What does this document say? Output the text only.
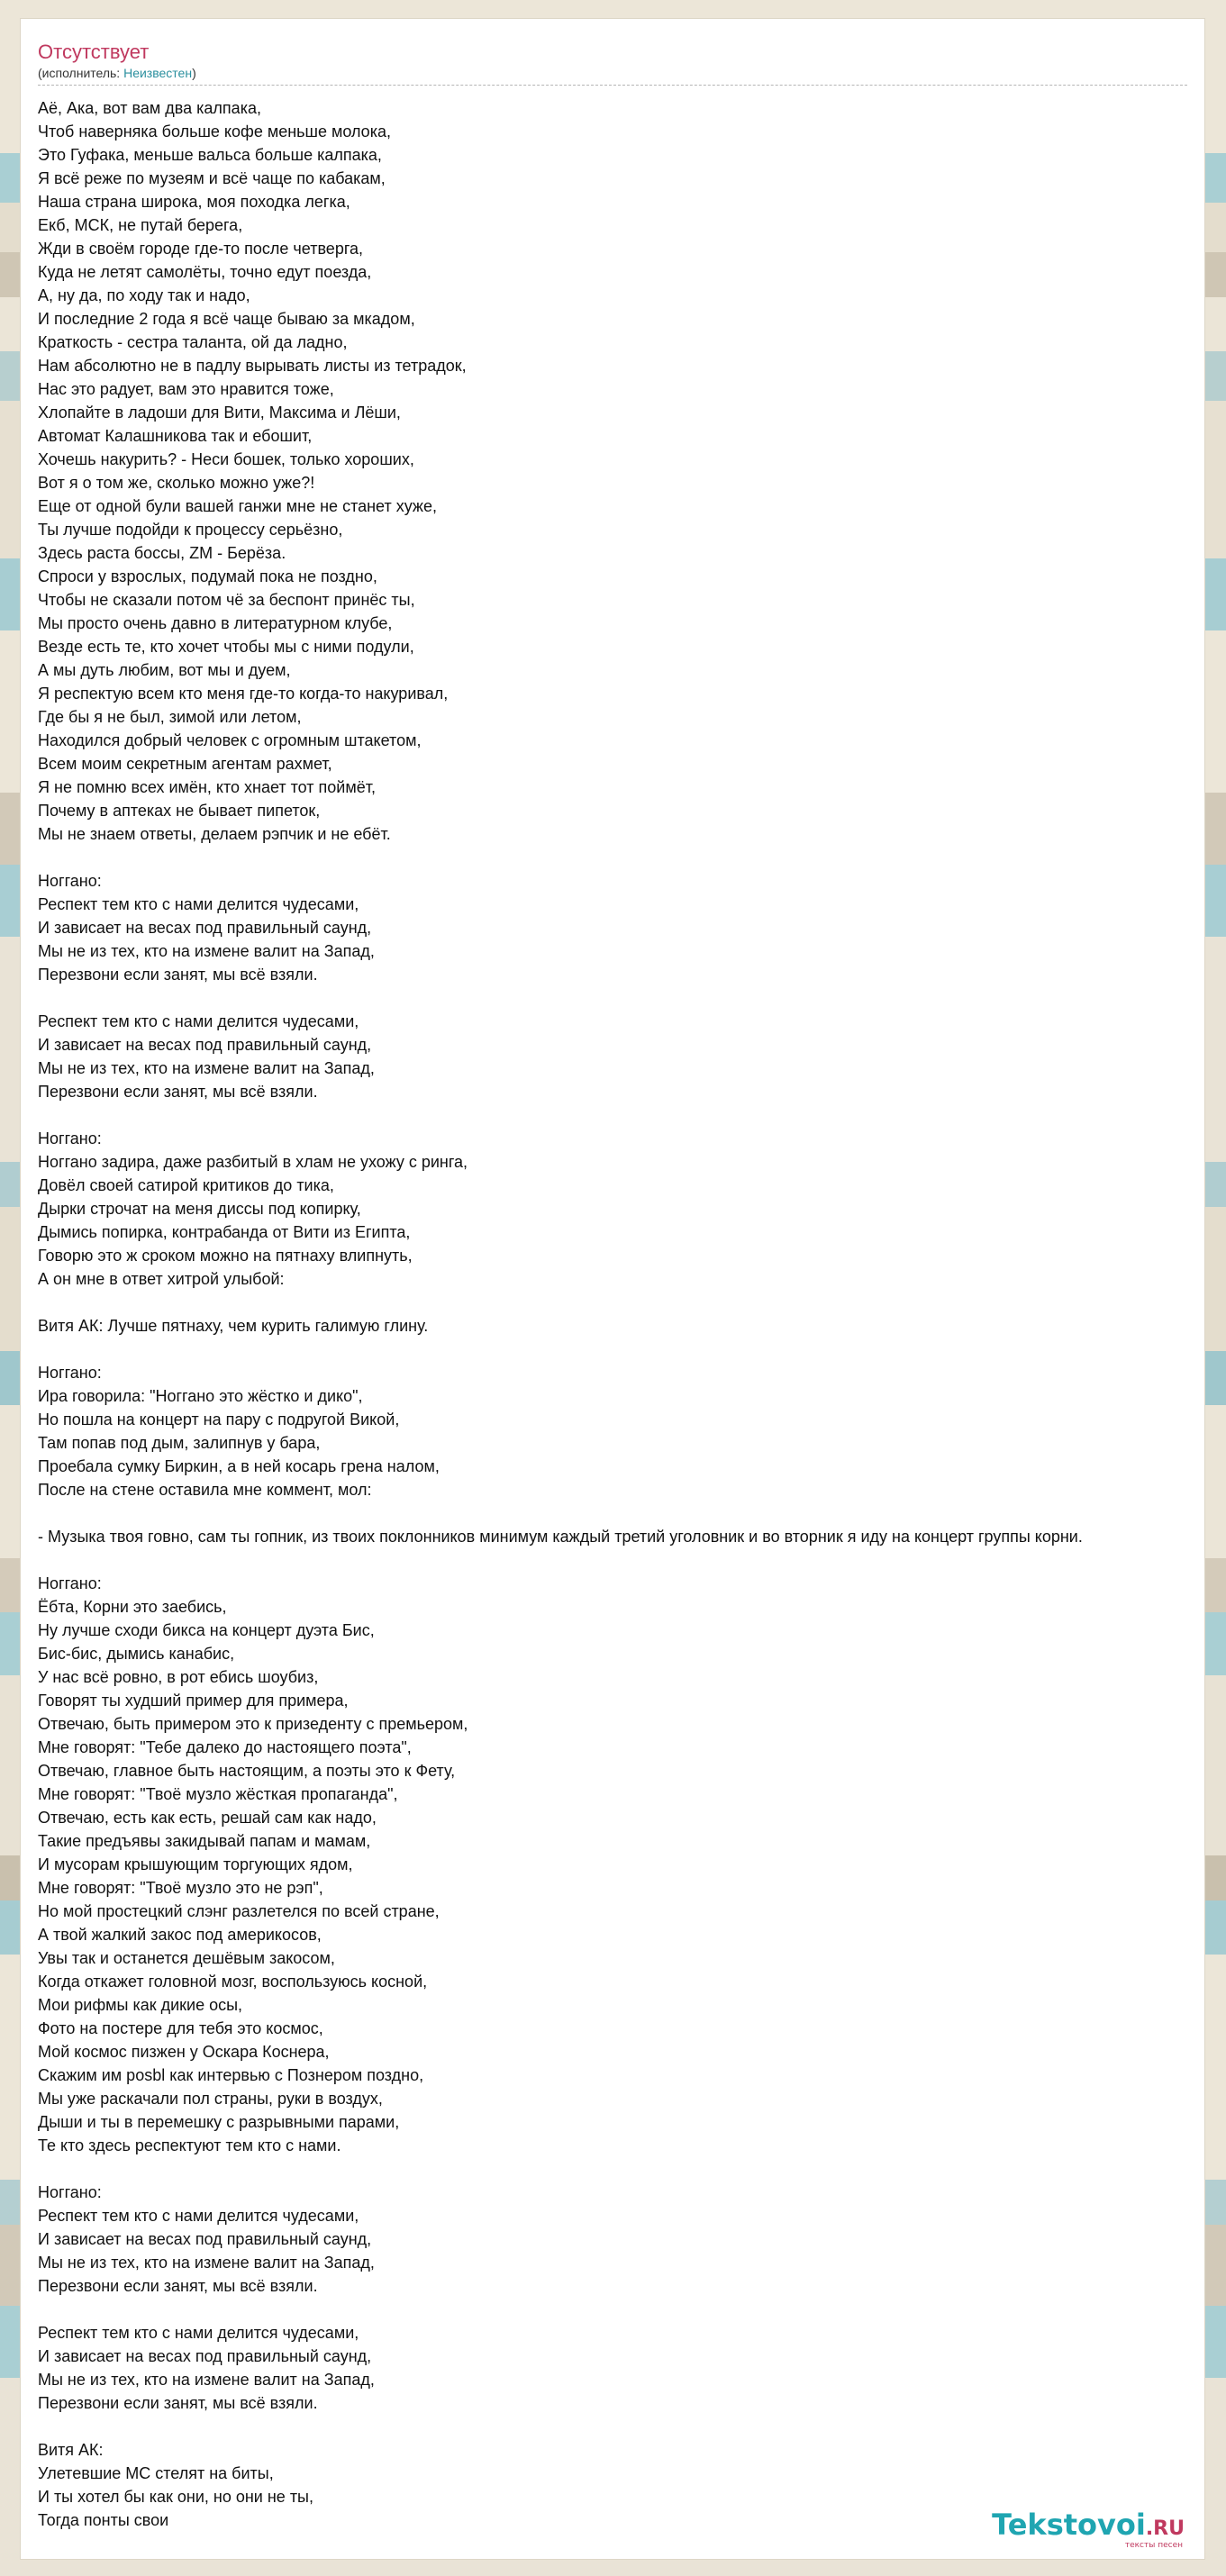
Отсутствует
(исполнитель: Неизвестен)
Аё, Ака, вот вам два калпака,
Чтоб наверняка больше кофе меньше молока,
Это Гуфака, меньше вальса больше калпака,
Я всё реже по музеям и всё чаще по кабакам,
Наша страна широка, моя походка легка,
Екб, МСК, не путай берега,
Жди в своём городе где-то после четверга,
Куда не летят самолёты, точно едут поезда,
А, ну да, по ходу так и надо,
И последние 2 года я всё чаще бываю за мкадом,
Краткость - сестра таланта, ой да ладно,
Нам абсолютно не в падлу вырывать листы из тетрадок,
Нас это радует, вам это нравится тоже,
Хлопайте в ладоши для Вити, Максима и Лёши,
Автомат Калашникова так и ебошит,
Хочешь накурить? - Неси бошек, только хороших,
Вот я о том же, сколько можно уже?!
Еще от одной були вашей ганжи мне не станет хуже,
Ты лучше подойди к процессу серьёзно,
Здесь раста боссы, ZM - Берёза.
Спроси у взрослых, подумай пока не поздно,
Чтобы не сказали потом чё за беспонт принёс ты,
Мы просто очень давно в литературном клубе,
Везде есть те, кто хочет чтобы мы с ними подули,
А мы дуть любим, вот мы и дуем,
Я респектую всем кто меня где-то когда-то накуривал,
Где бы я не был, зимой или летом,
Находился добрый человек с огромным штакетом,
Всем моим секретным агентам рахмет,
Я не помню всех имён, кто хнает тот поймёт,
Почему в аптеках не бывает пипеток,
Мы не знаем ответы, делаем рэпчик и не ебёт.

Ноггано:
Респект тем кто с нами делится чудесами,
И зависает на весах под правильный саунд,
Мы не из тех, кто на измене валит на Запад,
Перезвони если занят, мы всё взяли.

Респект тем кто с нами делится чудесами,
И зависает на весах под правильный саунд,
Мы не из тех, кто на измене валит на Запад,
Перезвони если занят, мы всё взяли.

Ноггано:
Ноггано задира, даже разбитый в хлам не ухожу с ринга,
Довёл своей сатирой критиков до тика,
Дырки строчат на меня диссы под копирку,
Дымись попирка, контрабанда от Вити из Египта,
Говорю это ж сроком можно на пятнаху влипнуть,
А он мне в ответ хитрой улыбой:

Витя АК: Лучше пятнаху, чем курить галимую глину.

Ноггано:
Ира говорила: "Ноггано это жёстко и дико",
Но пошла на концерт на пару с подругой Викой,
Там попав под дым, залипнув у бара,
Проебала сумку Биркин, а в ней косарь грена налом,
После на стене оставила мне коммент, мол:

- Музыка твоя говно, сам ты гопник, из твоих поклонников минимум каждый третий уголовник и во вторник я иду на концерт группы корни.

Ноггано:
Ёбта, Корни это заебись,
Ну лучше сходи бикса на концерт дуэта Бис,
Бис-бис, дымись канабис,
У нас всё ровно, в рот ебись шоубиз,
Говорят ты худший пример для примера,
Отвечаю, быть примером это к призеденту с премьером,
Мне говорят: "Тебе далеко до настоящего поэта",
Отвечаю, главное быть настоящим, а поэты это к Фету,
Мне говорят: "Твоё музло жёсткая пропаганда",
Отвечаю, есть как есть, решай сам как надо,
Такие предъявы закидывай папам и мамам,
И мусорам крышующим торгующих ядом,
Мне говорят: "Твоё музло это не рэп",
Но мой простецкий слэнг разлетелся по всей стране,
А твой жалкий закос под америкосов,
Увы так и останется дешёвым закосом,
Когда откажет головной мозг, воспользуюсь косной,
Мои рифмы как дикие осы,
Фото на постере для тебя это космос,
Мой космос пизжен у Оскара Коснера,
Скажим им posbl как интервью с Познером поздно,
Мы уже раскачали пол страны, руки в воздух,
Дыши и ты в перемешку с разрывными парами,
Те кто здесь респектуют тем кто с нами.

Ноггано:
Респект тем кто с нами делится чудесами,
И зависает на весах под правильный саунд,
Мы не из тех, кто на измене валит на Запад,
Перезвони если занят, мы всё взяли.

Респект тем кто с нами делится чудесами,
И зависает на весах под правильный саунд,
Мы не из тех, кто на измене валит на Запад,
Перезвони если занят, мы всё взяли.

Витя АК:
Улетевшие МС стелят на биты,
И ты хотел бы как они, но они не ты,
Тогда понты свои	Tekstovoi.RU
тексты песен
